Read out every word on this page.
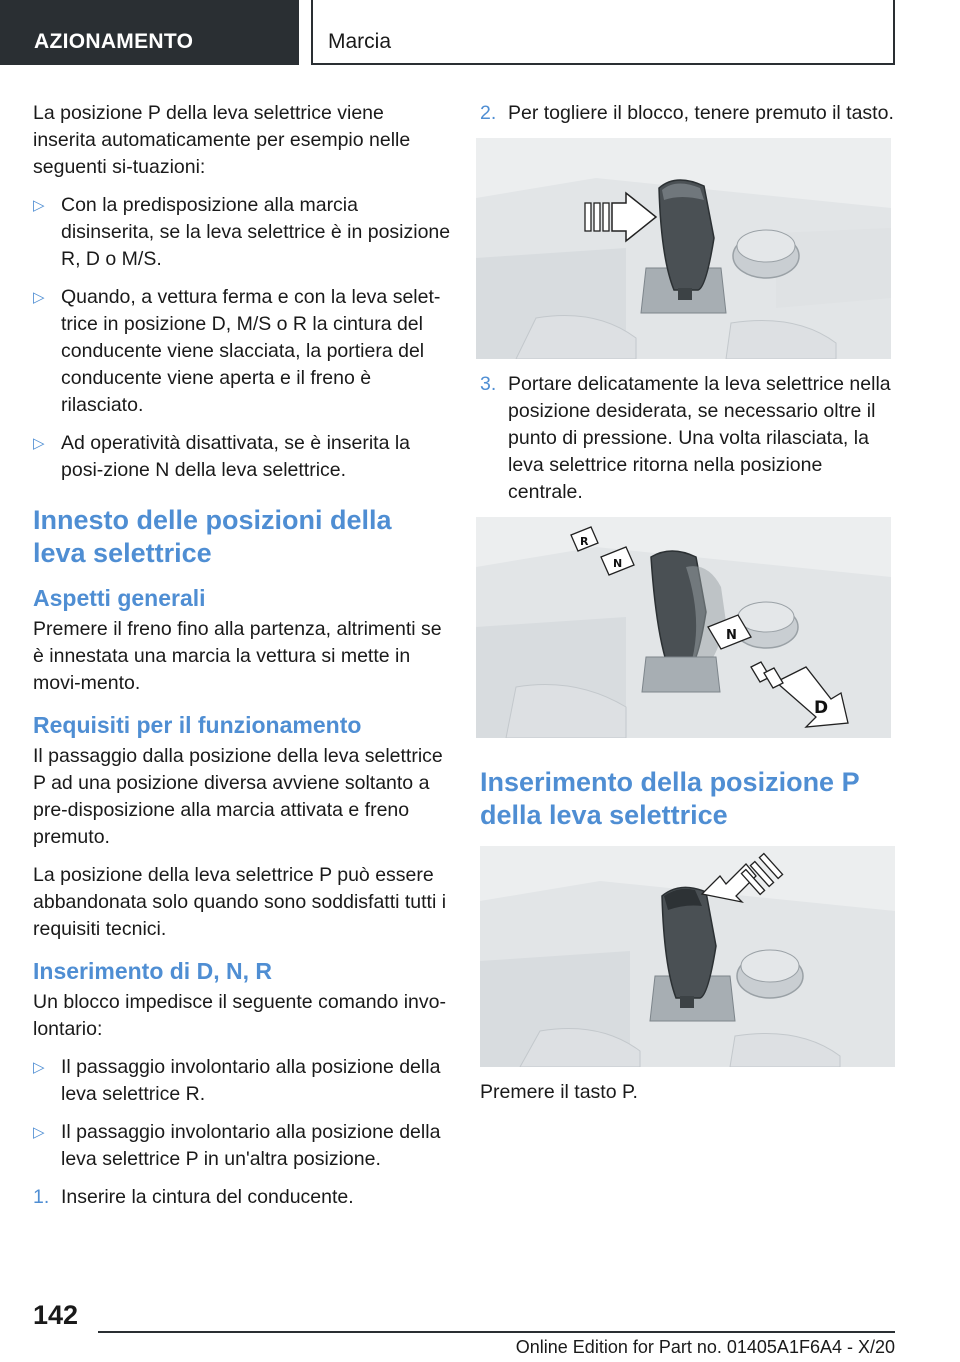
AZIONAMENTO	Marcia

La posizione P della leva selettrice viene inserita automaticamente per esempio nelle seguenti si-tuazioni:

▷ Con la predisposizione alla marcia disinserita, se la leva selettrice è in posizione R, D o M/S.
▷ Quando, a vettura ferma e con la leva selet-trice in posizione D, M/S o R la cintura del conducente viene slacciata, la portiera del conducente viene aperta e il freno è rilasciato.
▷ Ad operatività disattivata, se è inserita la posi-zione N della leva selettrice.
Innesto delle posizioni della leva selettrice
Aspetti generali

Premere il freno fino alla partenza, altrimenti se è innestata una marcia la vettura si mette in movi-mento.

Requisiti per il funzionamento

Il passaggio dalla posizione della leva selettrice P ad una posizione diversa avviene soltanto a pre-disposizione alla marcia attivata e freno premuto.

La posizione della leva selettrice P può essere abbandonata solo quando sono soddisfatti tutti i requisiti tecnici.

Inserimento di D, N, R

Un blocco impedisce il seguente comando invo-lontario:

▷ Il passaggio involontario alla posizione della leva selettrice R.
▷ Il passaggio involontario alla posizione della leva selettrice P in un'altra posizione.
1. Inserire la cintura del conducente.
2. Per togliere il blocco, tenere premuto il tasto.
3. Portare delicatamente la leva selettrice nella posizione desiderata, se necessario oltre il punto di pressione. Una volta rilasciata, la leva selettrice ritorna nella posizione centrale.
R
N
N
D
Inserimento della posizione P della leva selettrice

Premere il tasto P.

142
Online Edition for Part no. 01405A1F6A4 - X/20
